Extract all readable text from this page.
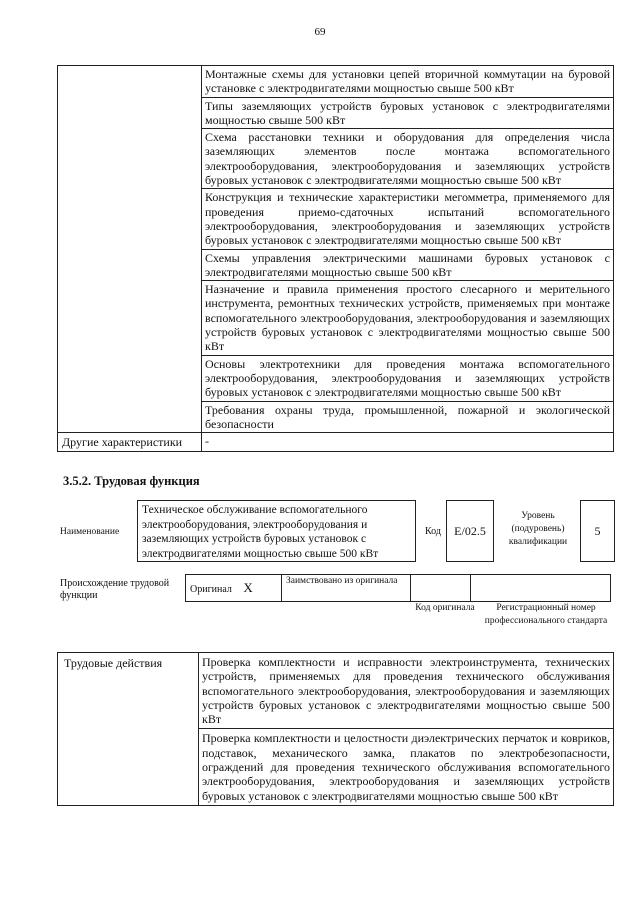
69
	Монтажные схемы для установки цепей вторичной коммутации на буровой установке с электродвигателями мощностью свыше 500 кВт
	Типы заземляющих устройств буровых установок с электродвигателями мощностью свыше 500 кВт
	Схема расстановки техники и оборудования для определения числа заземляющих элементов после монтажа вспомогательного электрооборудования, электрооборудования и заземляющих устройств буровых установок с электродвигателями мощностью свыше 500 кВт
	Конструкция и технические характеристики мегомметра, применяемого для проведения приемо-сдаточных испытаний вспомогательного электрооборудования, электрооборудования и заземляющих устройств буровых установок с электродвигателями мощностью свыше 500 кВт
	Схемы управления электрическими машинами буровых установок с электродвигателями мощностью свыше 500 кВт
	Назначение и правила применения простого слесарного и мерительного инструмента, ремонтных технических устройств, применяемых при монтаже вспомогательного электрооборудования, электрооборудования и заземляющих устройств буровых установок с электродвигателями мощностью свыше 500 кВт
	Основы электротехники для проведения монтажа вспомогательного электрооборудования, электрооборудования и заземляющих устройств буровых установок с электродвигателями мощностью свыше 500 кВт
	Требования охраны труда, промышленной, пожарной и экологической безопасности
Другие характеристики	-
3.5.2. Трудовая функция
Наименование
Техническое обслуживание вспомогательного электрооборудования, электрооборудования и заземляющих устройств буровых установок с электродвигателями мощностью свыше 500 кВт
Код	E/02.5
Уровень (подуровень) квалификации
5
Происхождение трудовой функции
Оригинал X	Заимствовано из оригинала		
Код оригинала	Регистрационный номер профессионального стандарта
Трудовые действия	Проверка комплектности и исправности электроинструмента, технических устройств, применяемых для проведения технического обслуживания вспомогательного электрооборудования, электрооборудования и заземляющих устройств буровых установок с электродвигателями мощностью свыше 500 кВт
Проверка комплектности и целостности диэлектрических перчаток и ковриков, подставок, механического замка, плакатов по электробезопасности, ограждений для проведения технического обслуживания вспомогательного электрооборудования, электрооборудования и заземляющих устройств буровых установок с электродвигателями мощностью свыше 500 кВт
